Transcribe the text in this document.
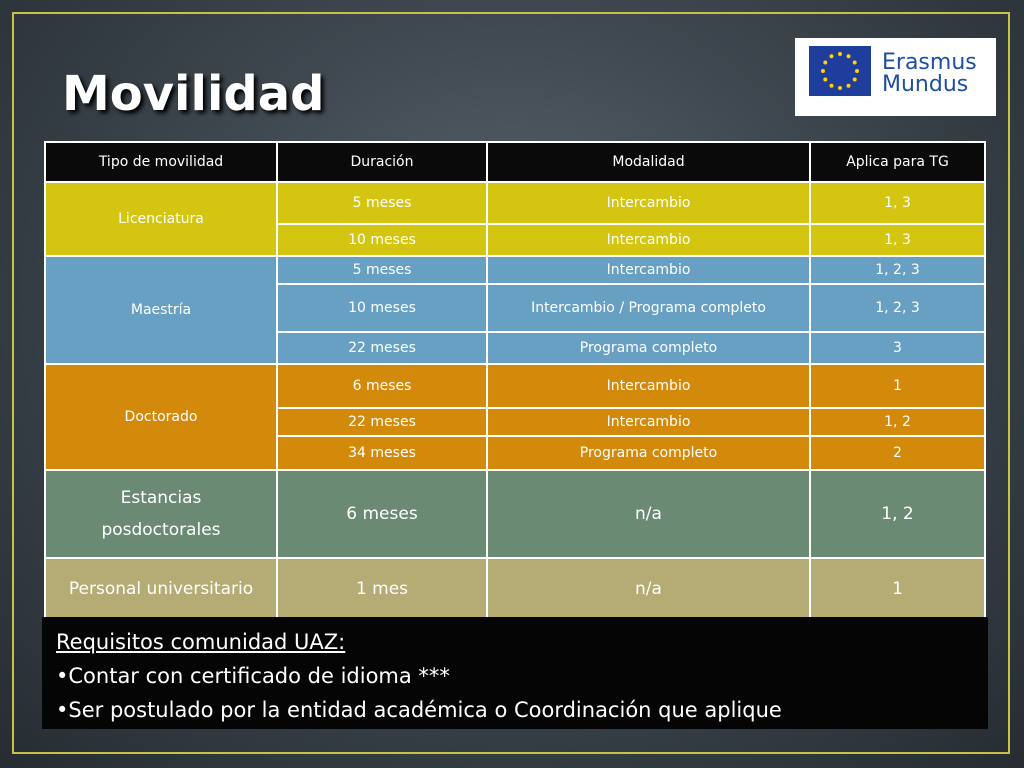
Movilidad
Erasmus
Mundus
Tipo de movilidad	Duración	Modalidad	Aplica para TG
Licenciatura	5 meses	Intercambio	1, 3
	10 meses	Intercambio	1, 3
Maestría	5 meses	Intercambio	1, 2, 3
	10 meses	Intercambio / Programa completo	1, 2, 3
	22 meses	Programa completo	3
Doctorado	6 meses	Intercambio	1
	22 meses	Intercambio	1, 2
	34 meses	Programa completo	2

Estancias
posdoctorales	6 meses	n/a	1, 2
Personal universitario	1 mes	n/a	1
Requisitos comunidad UAZ:
•Contar con certificado de idioma ***
•Ser postulado por la entidad académica o Coordinación que aplique
